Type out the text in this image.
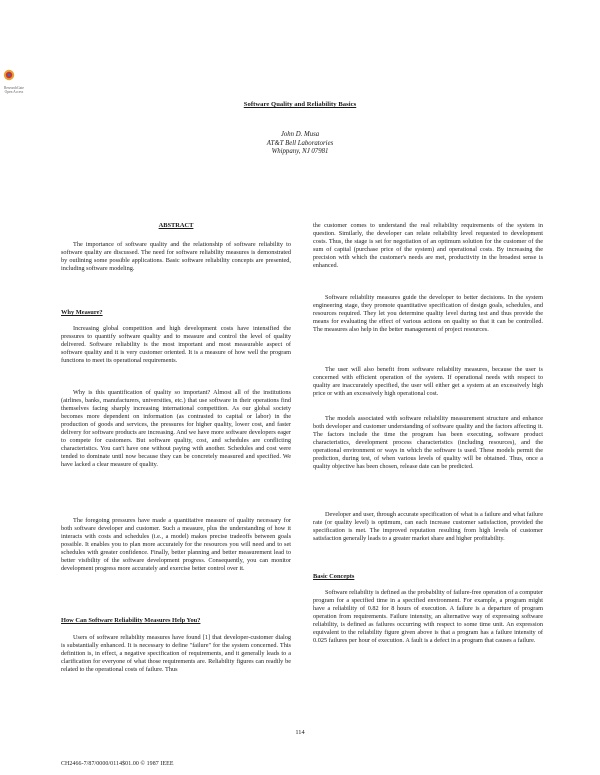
ResearchGate
Open Access
Software Quality and Reliability Basics
John D. Musa
AT&T Bell Laboratories
Whippany, NJ 07981
ABSTRACT
The importance of software quality and the relationship of software reliability to software quality are discussed. The need for software reliability measures is demonstrated by outlining some possible applications. Basic software reliability concepts are presented, including software modeling.
Why Measure?
Increasing global competition and high development costs have intensified the pressures to quantify software quality and to measure and control the level of quality delivered. Software reliability is the most important and most measurable aspect of software quality and it is very customer oriented. It is a measure of how well the program functions to meet its operational requirements.
Why is this quantification of quality so important? Almost all of the institutions (airlines, banks, manufacturers, universities, etc.) that use software in their operations find themselves facing sharply increasing international competition. As our global society becomes more dependent on information (as contrasted to capital or labor) in the production of goods and services, the pressures for higher quality, lower cost, and faster delivery for software products are increasing. And we have more software developers eager to compete for customers. But software quality, cost, and schedules are conflicting characteristics. You can't have one without paying with another. Schedules and cost were tended to dominate until now because they can be concretely measured and specified. We have lacked a clear measure of quality.
The foregoing pressures have made a quantitative measure of quality necessary for both software developer and customer. Such a measure, plus the understanding of how it interacts with costs and schedules (i.e., a model) makes precise tradeoffs between goals possible. It enables you to plan more accurately for the resources you will need and to set schedules with greater confidence. Finally, better planning and better measurement lead to better visibility of the software development progress. Consequently, you can monitor development progress more accurately and exercise better control over it.
How Can Software Reliability Measures Help You?
Users of software reliability measures have found [1] that developer-customer dialog is substantially enhanced. It is necessary to define "failure" for the system concerned. This definition is, in effect, a negative specification of requirements, and it generally leads to a clarification for everyone of what those requirements are. Reliability figures can readily be related to the operational costs of failure. Thus
the customer comes to understand the real reliability requirements of the system in question. Similarly, the developer can relate reliability level requested to development costs. Thus, the stage is set for negotiation of an optimum solution for the customer of the sum of capital (purchase price of the system) and operational costs. By increasing the precision with which the customer's needs are met, productivity in the broadest sense is enhanced.
Software reliability measures guide the developer to better decisions. In the system engineering stage, they promote quantitative specification of design goals, schedules, and resources required. They let you determine quality level during test and thus provide the means for evaluating the effect of various actions on quality so that it can be controlled. The measures also help in the better management of project resources.
The user will also benefit from software reliability measures, because the user is concerned with efficient operation of the system. If operational needs with respect to quality are inaccurately specified, the user will either get a system at an excessively high price or with an excessively high operational cost.
The models associated with software reliability measurement structure and enhance both developer and customer understanding of software quality and the factors affecting it. The factors include the time the program has been executing, software product characteristics, development process characteristics (including resources), and the operational environment or ways in which the software is used. These models permit the prediction, during test, of when various levels of quality will be obtained. Thus, once a quality objective has been chosen, release date can be predicted.
Developer and user, through accurate specification of what is a failure and what failure rate (or quality level) is optimum, can each increase customer satisfaction, provided the specification is met. The improved reputation resulting from high levels of customer satisfaction generally leads to a greater market share and higher profitability.
Basic Concepts
Software reliability is defined as the probability of failure-free operation of a computer program for a specified time in a specified environment. For example, a program might have a reliability of 0.82 for 8 hours of execution. A failure is a departure of program operation from requirements. Failure intensity, an alternative way of expressing software reliability, is defined as failures occurring with respect to some time unit. An expression equivalent to the reliability figure given above is that a program has a failure intensity of 0.025 failures per hour of execution. A fault is a defect in a program that causes a failure.
114
CH2466-7/87/0000/0114$01.00 © 1987 IEEE
